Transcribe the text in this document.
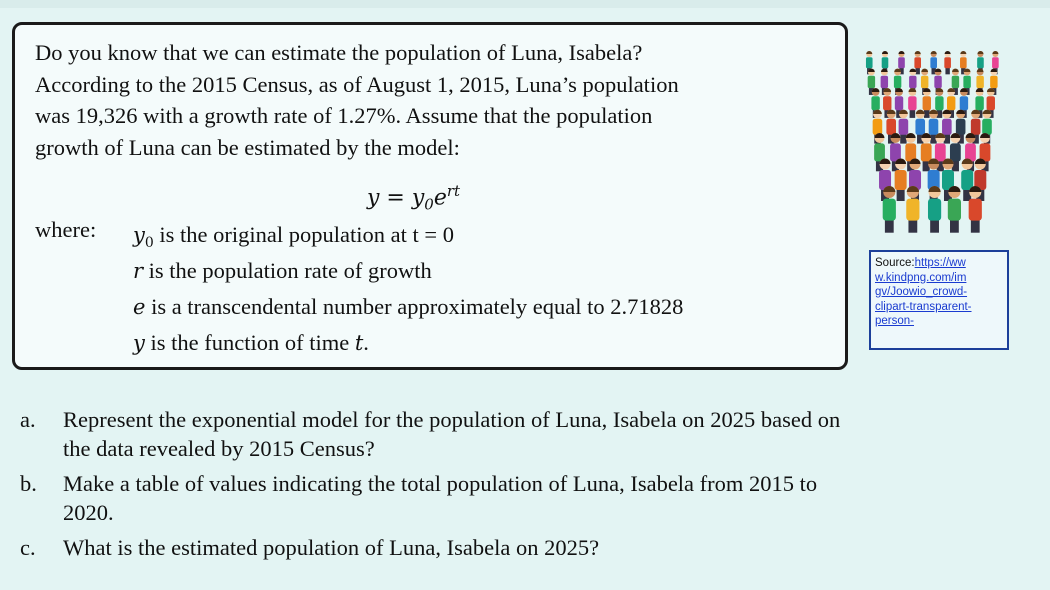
Do you know that we can estimate the population of Luna, Isabela?
According to the 2015 Census, as of August 1, 2015, Luna’s population
was 19,326 with a growth rate of 1.27%. Assume that the population
growth of Luna can be estimated by the model:
$y = y_0e^{rt}$
where: $y_0$ is the original population at t = 0
r is the population rate of growth
e is a transcendental number approximately equal to 2.71828
y is the function of time t.
Source:https://ww
w.kindpng.com/im
gv/Joowio_crowd-
clipart-transparent-
person-
a. Represent the exponential model for the population of Luna, Isabela on 2025 based on
the data revealed by 2015 Census?
b. Make a table of values indicating the total population of Luna, Isabela from 2015 to
2020.
c. What is the estimated population of Luna, Isabela on 2025?
